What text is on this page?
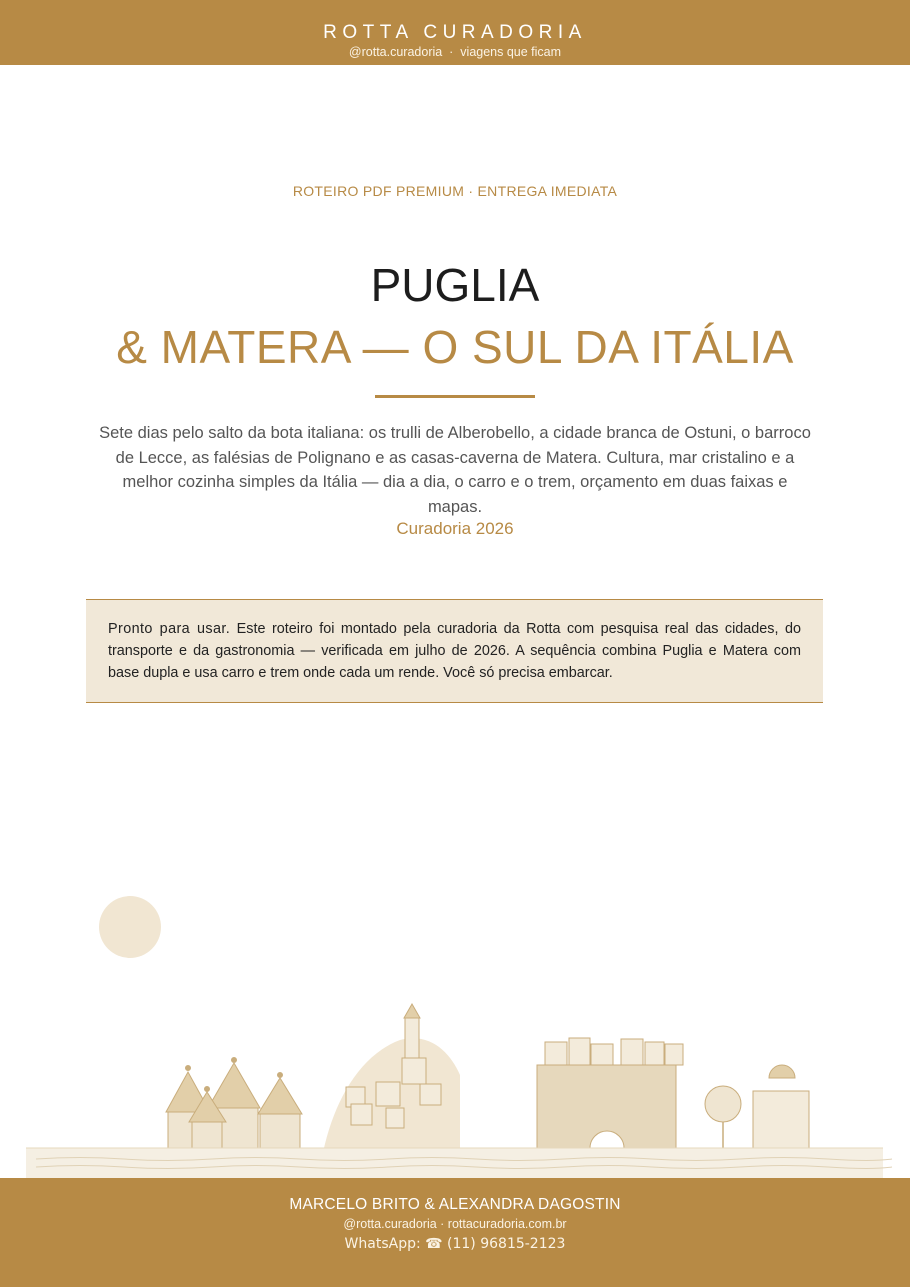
ROTTA CURADORIA
@rotta.curadoria · viagens que ficam
ROTEIRO PDF PREMIUM · ENTREGA IMEDIATA
PUGLIA
& MATERA — O SUL DA ITÁLIA

Sete dias pelo salto da bota italiana: os trulli de Alberobello, a cidade branca de Ostuni, o barroco de Lecce, as falésias de Polignano e as casas-caverna de Matera. Cultura, mar cristalino e a melhor cozinha simples da Itália — dia a dia, o carro e o trem, orçamento em duas faixas e mapas.

Curadoria 2026
Pronto para usar. Este roteiro foi montado pela curadoria da Rotta com pesquisa real das cidades, do transporte e da gastronomia — verificada em julho de 2026. A sequência combina Puglia e Matera com base dupla e usa carro e trem onde cada um rende. Você só precisa embarcar.
MARCELO BRITO & ALEXANDRA DAGOSTIN
@rotta.curadoria · rottacuradoria.com.br
WhatsApp: ☎ (11) 96815-2123
